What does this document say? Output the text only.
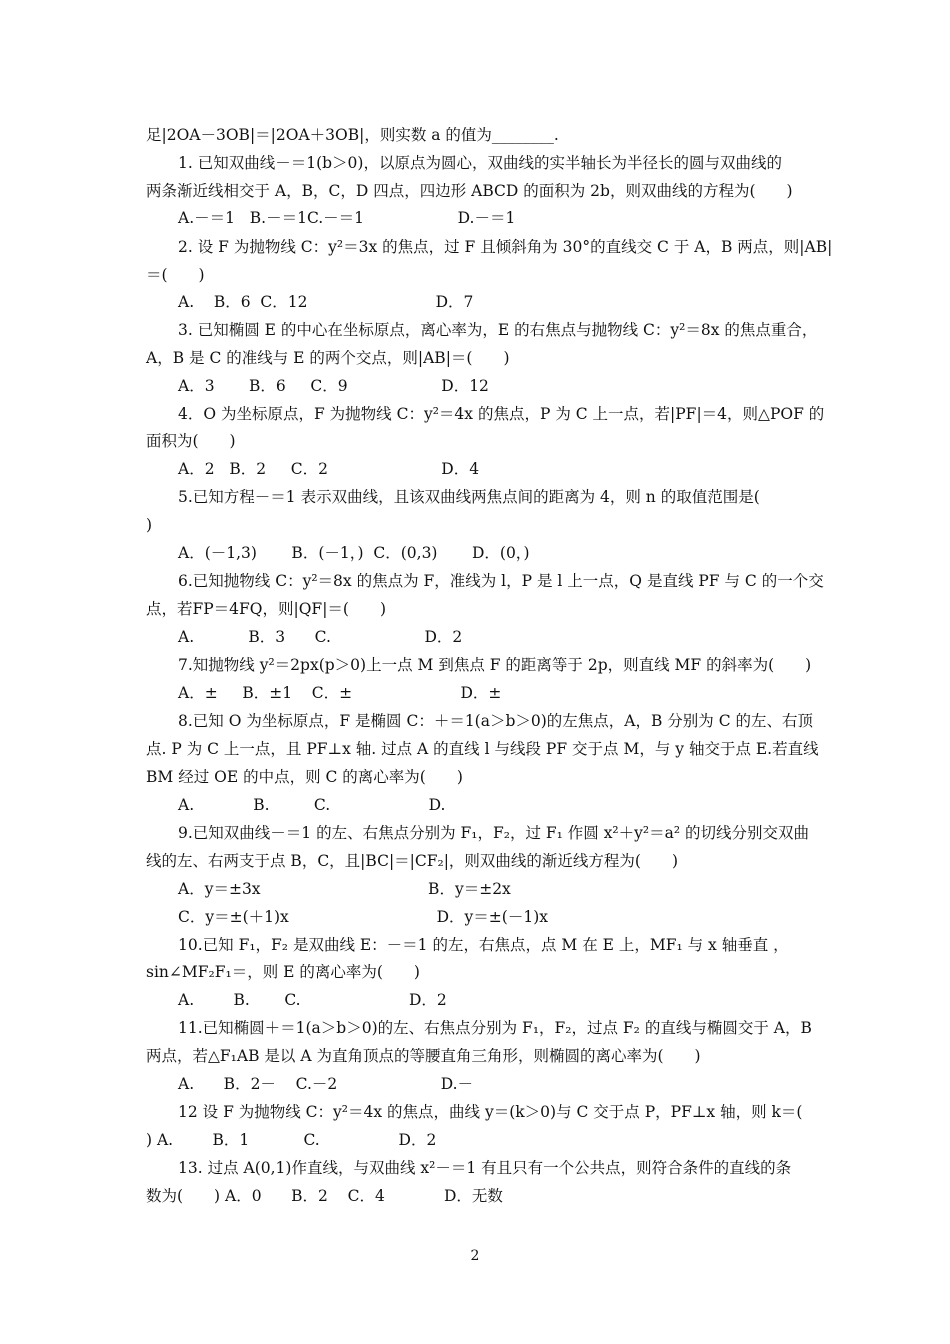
足|2OA－3OB|＝|2OA＋3OB|，则实数 a 的值为________.
1. 已知双曲线－＝1(b＞0)，以原点为圆心，双曲线的实半轴长为半径长的圆与双曲线的
两条渐近线相交于 A，B，C，D 四点，四边形 ABCD 的面积为 2b，则双曲线的方程为(　　)
A.－＝1   B.－＝1C.－＝1                   D.－＝1
2. 设 F 为抛物线 C：y²＝3x 的焦点，过 F 且倾斜角为 30°的直线交 C 于 A，B 两点，则|AB|
＝(　　)
A.    B．6  C．12                          D．7
3. 已知椭圆 E 的中心在坐标原点，离心率为，E 的右焦点与抛物线 C：y²＝8x 的焦点重合，
A，B 是 C 的准线与 E 的两个交点，则|AB|＝(　　)
A．3       B．6     C．9                   D．12
4．O 为坐标原点，F 为抛物线 C：y²＝4x 的焦点，P 为 C 上一点，若|PF|＝4，则△POF 的
面积为(　　)
A．2   B．2     C．2                       D．4
5.已知方程－＝1 表示双曲线，且该双曲线两焦点间的距离为 4，则 n 的取值范围是(
)
A．(－1,3)       B．(－1，)  C．(0,3)       D．(0，)
6.已知抛物线 C：y²＝8x 的焦点为 F，准线为 l，P 是 l 上一点，Q 是直线 PF 与 C 的一个交
点，若FP＝4FQ，则|QF|＝(　　)
A.           B．3      C.                   D．2
7.知抛物线 y²＝2px(p＞0)上一点 M 到焦点 F 的距离等于 2p，则直线 MF 的斜率为(　　)
A．±     B．±1    C．±                      D．±
8.已知 O 为坐标原点，F 是椭圆 C：＋＝1(a＞b＞0)的左焦点，A，B 分别为 C 的左、右顶
点. P 为 C 上一点，且 PF⊥x 轴. 过点 A 的直线 l 与线段 PF 交于点 M，与 y 轴交于点 E.若直线
BM 经过 OE 的中点，则 C 的离心率为(　　)
A.            B.         C.                    D.
9.已知双曲线－＝1 的左、右焦点分别为 F₁，F₂，过 F₁ 作圆 x²＋y²＝a² 的切线分别交双曲
线的左、右两支于点 B，C，且|BC|＝|CF₂|，则双曲线的渐近线方程为(　　)
A．y＝±3x                                  B．y＝±2x
C．y＝±(＋1)x                              D．y＝±(－1)x
10.已知 F₁，F₂ 是双曲线 E：－＝1 的左，右焦点，点 M 在 E 上，MF₁ 与 x 轴垂直 ，
sin∠MF₂F₁＝，则 E 的离心率为(　　)
A.        B.       C.                      D．2
11.已知椭圆＋＝1(a＞b＞0)的左、右焦点分别为 F₁，F₂，过点 F₂ 的直线与椭圆交于 A，B
两点，若△F₁AB 是以 A 为直角顶点的等腰直角三角形，则椭圆的离心率为(　　)
A.      B．2－    C.－2                     D.－
12 设 F 为抛物线 C：y²＝4x 的焦点，曲线 y＝(k＞0)与 C 交于点 P，PF⊥x 轴，则 k＝(
) A.        B．1           C.                D．2
13. 过点 A(0,1)作直线，与双曲线 x²－＝1 有且只有一个公共点，则符合条件的直线的条
数为(　　) A．0      B．2    C．4            D．无数
2
